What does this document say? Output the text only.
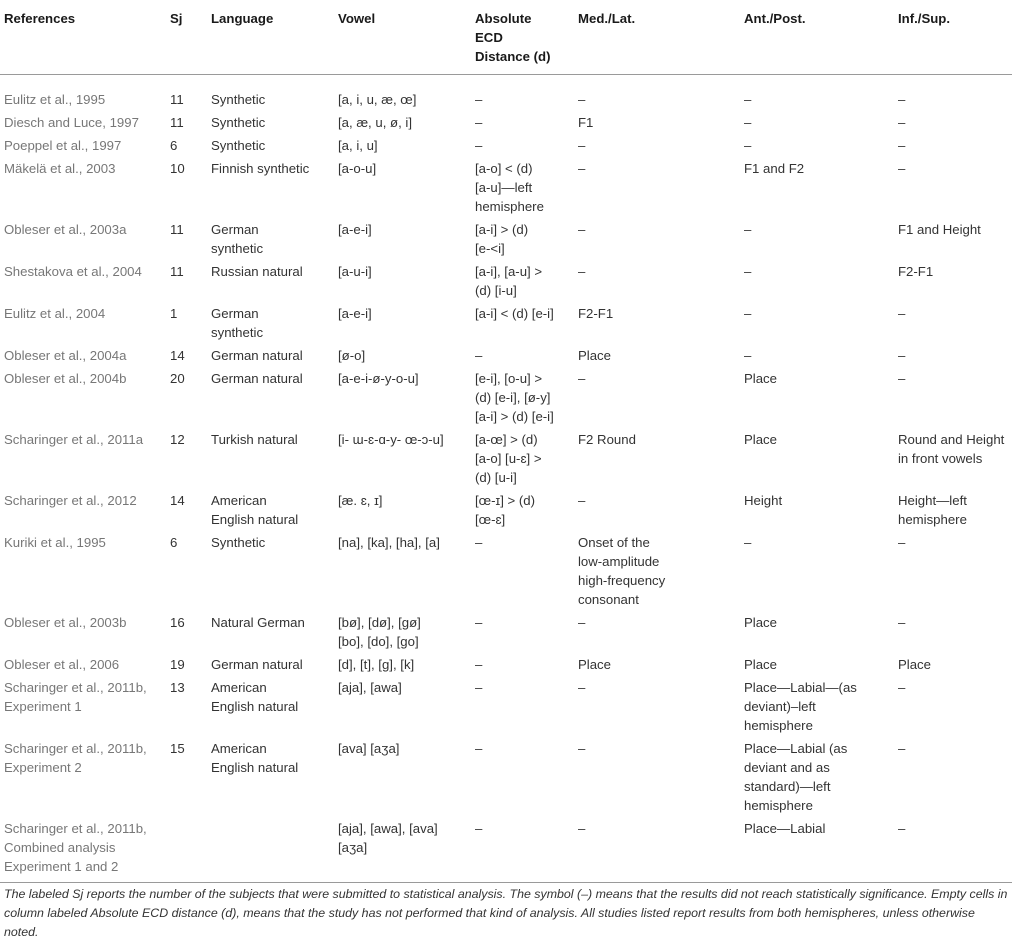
References	Sj	Language	Vowel	Absolute
ECD
Distance (d)	Med./Lat.	Ant./Post.	Inf./Sup.

Eulitz et al., 1995	11	Synthetic	[a, i, u, æ, œ]	–	–	–	–

Diesch and Luce, 1997	11	Synthetic	[a, æ, u, ø, i]	–	F1	–	–

Poeppel et al., 1997	6	Synthetic	[a, i, u]	–	–	–	–

Mäkelä et al., 2003	10	Finnish synthetic	[a-o-u]	[a-o] < (d)
[a-u]—left
hemisphere	–	F1 and F2	–

Obleser et al., 2003a	11	German
synthetic	[a-e-i]	[a-i] > (d)
[e-<i]	–	–	F1 and Height

Shestakova et al., 2004	11	Russian natural	[a-u-i]	[a-i], [a-u] >
(d) [i-u]	–	–	F2-F1

Eulitz et al., 2004	1	German
synthetic	[a-e-i]	[a-i] < (d) [e-i]	F2-F1	–	–

Obleser et al., 2004a	14	German natural	[ø-o]	–	Place	–	–

Obleser et al., 2004b	20	German natural	[a-e-i-ø-y-o-u]	[e-i], [o-u] >
(d) [e-i], [ø-y]
[a-i] > (d) [e-i]	–	Place	–

Scharinger et al., 2011a	12	Turkish natural	[i- ɯ-ɛ-ɑ-y- œ-ɔ-u]	[a-œ] > (d)
[a-o] [u-ɛ] >
(d) [u-i]	F2 Round	Place	Round and Height
in front vowels

Scharinger et al., 2012	14	American
English natural	[æ. ɛ, ɪ]	[œ-ɪ] > (d)
[œ-ɛ]	–	Height	Height—left
hemisphere

Kuriki et al., 1995	6	Synthetic	[na], [ka], [ha], [a]	–	Onset of the
low-amplitude
high-frequency
consonant	–	–

Obleser et al., 2003b	16	Natural German	[bø], [dø], [gø]
[bo], [do], [go]	–	–	Place	–

Obleser et al., 2006	19	German natural	[d], [t], [g], [k]	–	Place	Place	Place

Scharinger et al., 2011b,
Experiment 1	13	American
English natural	[aja], [awa]	–	–	Place—Labial—(as
deviant)–left
hemisphere	–

Scharinger et al., 2011b,
Experiment 2	15	American
English natural	[ava] [aʒa]	–	–	Place—Labial (as
deviant and as
standard)—left
hemisphere	–

Scharinger et al., 2011b,
Combined analysis
Experiment 1 and 2			[aja], [awa], [ava]
[aʒa]	–	–	Place—Labial	–
The labeled Sj reports the number of the subjects that were submitted to statistical analysis. The symbol (–) means that the results did not reach statistically significance. Empty cells in
column labeled Absolute ECD distance (d), means that the study has not performed that kind of analysis. All studies listed report results from both hemispheres, unless otherwise noted.
